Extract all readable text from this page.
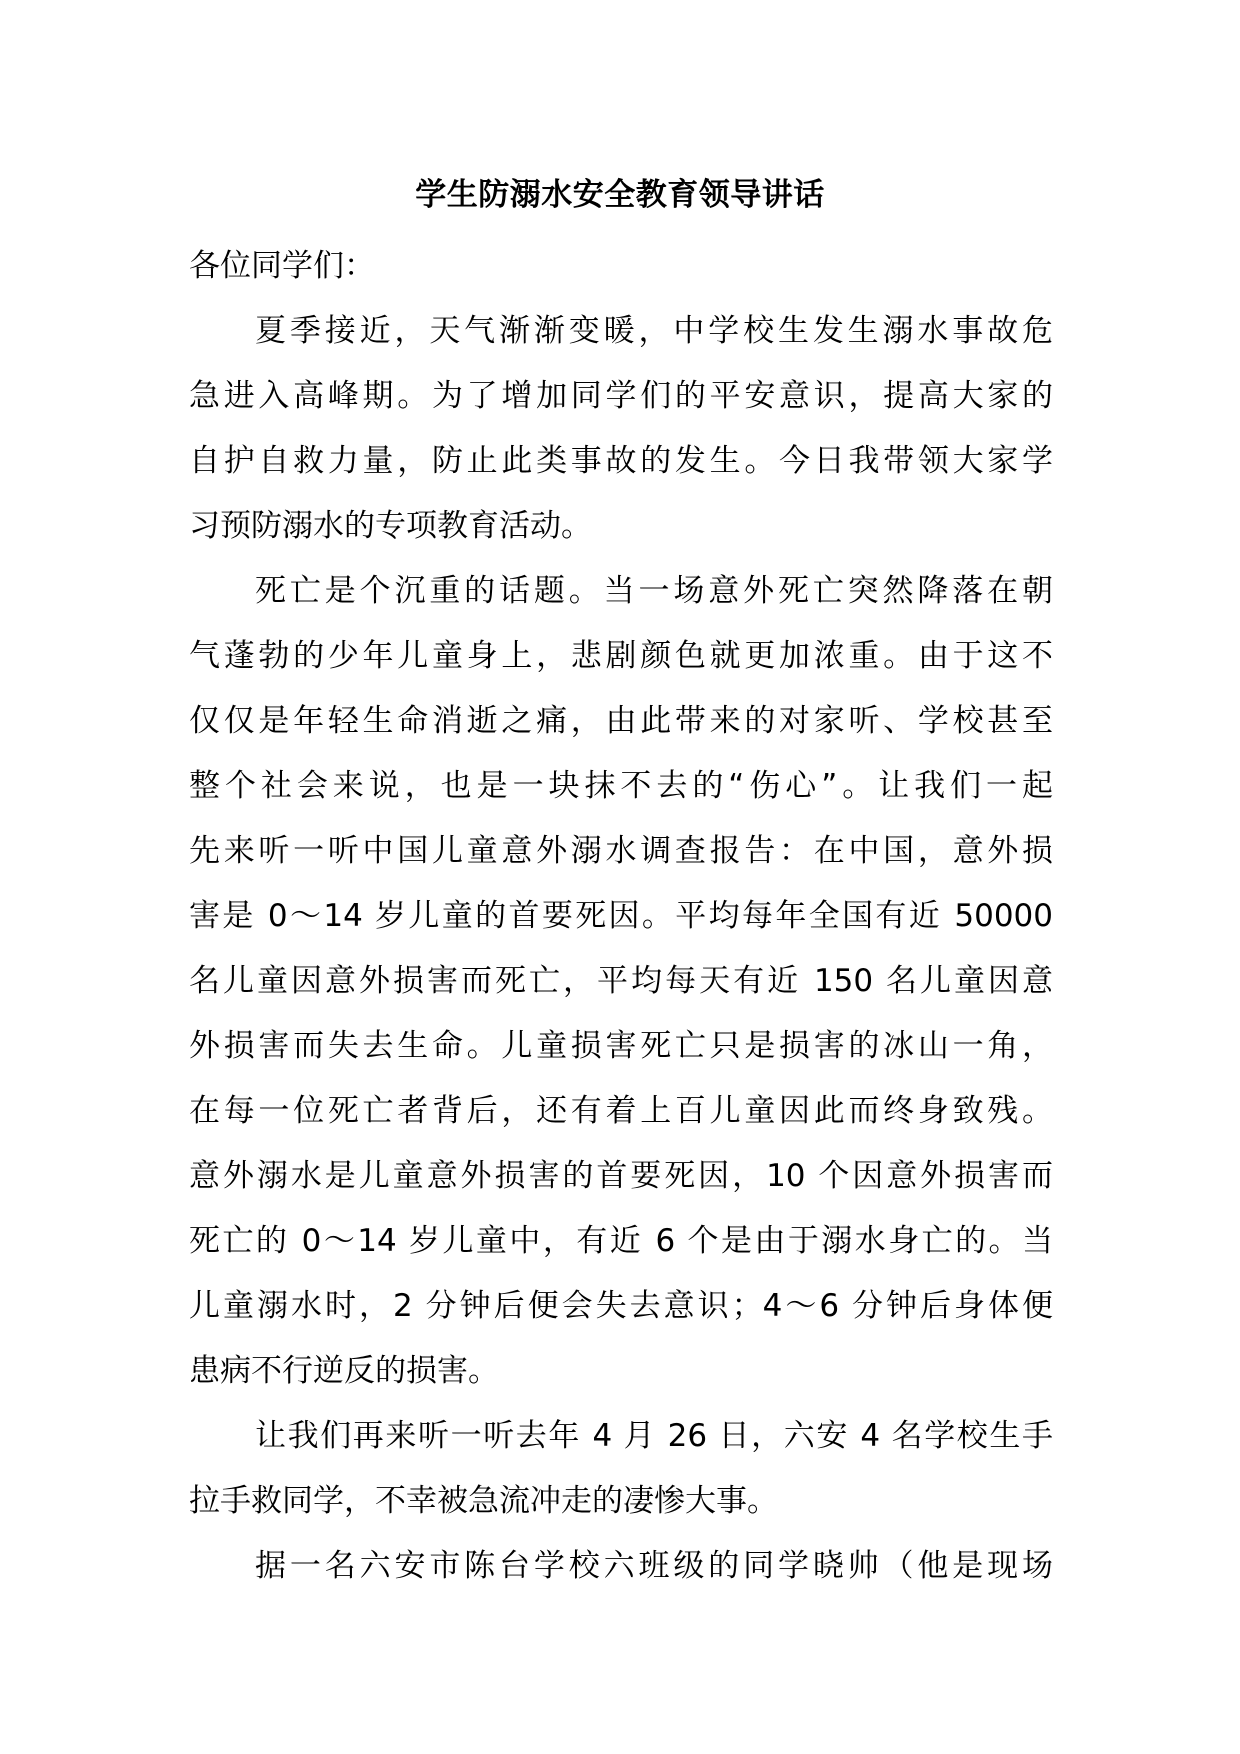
学生防溺水安全教育领导讲话
各位同学们：
夏季接近，天气渐渐变暖，中学校生发生溺水事故危
急进入高峰期。为了增加同学们的平安意识，提高大家的
自护自救力量，防止此类事故的发生。今日我带领大家学
习预防溺水的专项教育活动。
死亡是个沉重的话题。当一场意外死亡突然降落在朝
气蓬勃的少年儿童身上，悲剧颜色就更加浓重。由于这不
仅仅是年轻生命消逝之痛，由此带来的对家听、学校甚至
整个社会来说，也是一块抹不去的“伤心”。让我们一起
先来听一听中国儿童意外溺水调查报告：在中国，意外损
害是 0～14 岁儿童的首要死因。平均每年全国有近 50000
名儿童因意外损害而死亡，平均每天有近 150 名儿童因意
外损害而失去生命。儿童损害死亡只是损害的冰山一角，
在每一位死亡者背后，还有着上百儿童因此而终身致残。
意外溺水是儿童意外损害的首要死因，10 个因意外损害而
死亡的 0～14 岁儿童中，有近 6 个是由于溺水身亡的。当
儿童溺水时，2 分钟后便会失去意识；4～6 分钟后身体便
患病不行逆反的损害。
让我们再来听一听去年 4 月 26 日，六安 4 名学校生手
拉手救同学，不幸被急流冲走的凄惨大事。
据一名六安市陈台学校六班级的同学晓帅（他是现场
